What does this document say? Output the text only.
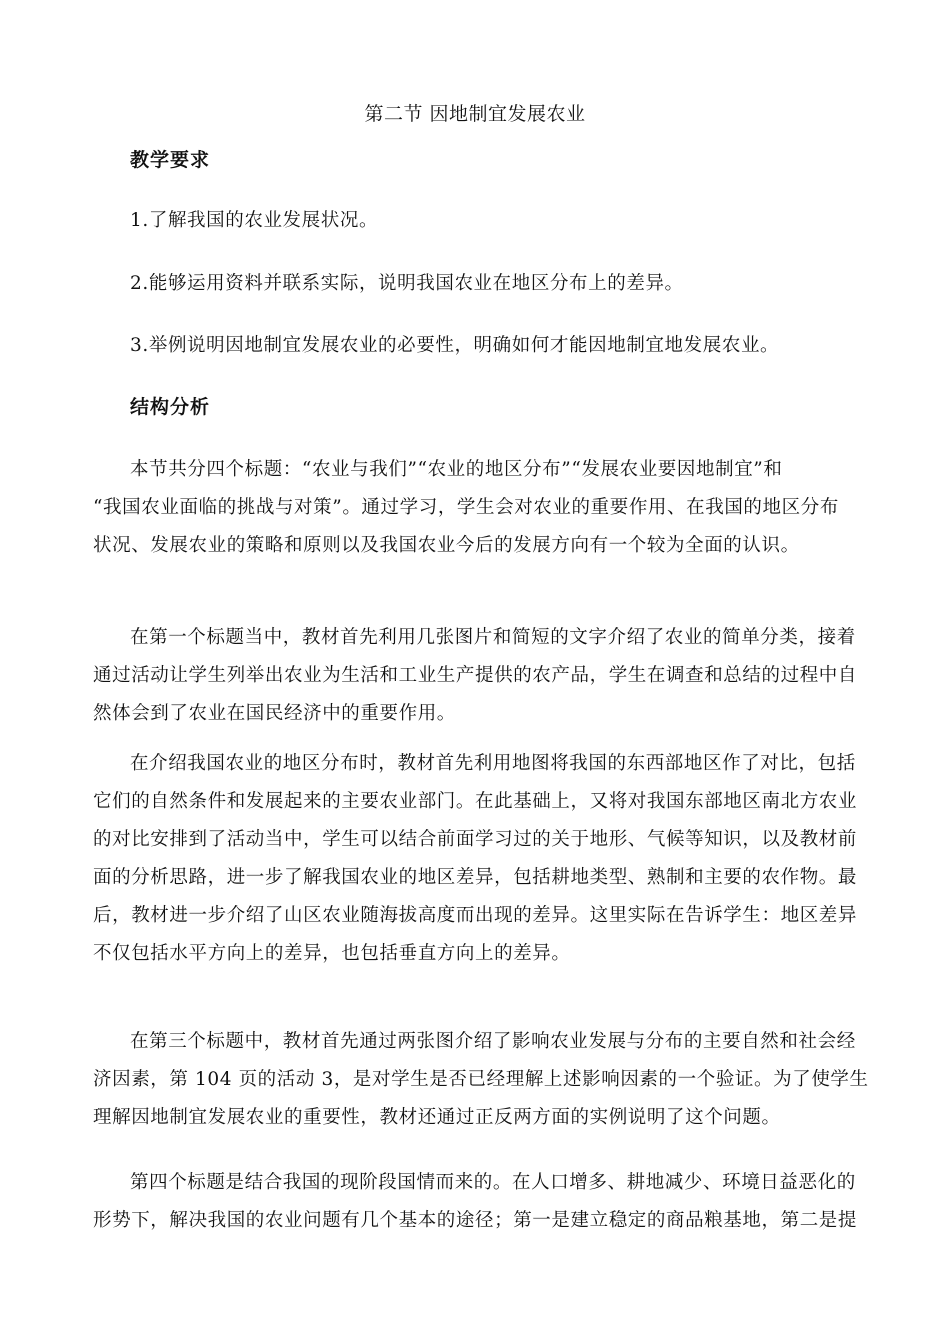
第二节 因地制宜发展农业
教学要求
1.了解我国的农业发展状况。
2.能够运用资料并联系实际，说明我国农业在地区分布上的差异。
3.举例说明因地制宜发展农业的必要性，明确如何才能因地制宜地发展农业。
结构分析
本节共分四个标题：“农业与我们”“农业的地区分布”“发展农业要因地制宜”和
“我国农业面临的挑战与对策”。通过学习，学生会对农业的重要作用、在我国的地区分布
状况、发展农业的策略和原则以及我国农业今后的发展方向有一个较为全面的认识。
在第一个标题当中，教材首先利用几张图片和简短的文字介绍了农业的简单分类，接着
通过活动让学生列举出农业为生活和工业生产提供的农产品，学生在调查和总结的过程中自
然体会到了农业在国民经济中的重要作用。
在介绍我国农业的地区分布时，教材首先利用地图将我国的东西部地区作了对比，包括
它们的自然条件和发展起来的主要农业部门。在此基础上，又将对我国东部地区南北方农业
的对比安排到了活动当中，学生可以结合前面学习过的关于地形、气候等知识，以及教材前
面的分析思路，进一步了解我国农业的地区差异，包括耕地类型、熟制和主要的农作物。最
后，教材进一步介绍了山区农业随海拔高度而出现的差异。这里实际在告诉学生：地区差异
不仅包括水平方向上的差异，也包括垂直方向上的差异。
在第三个标题中，教材首先通过两张图介绍了影响农业发展与分布的主要自然和社会经
济因素，第 104 页的活动 3，是对学生是否已经理解上述影响因素的一个验证。为了使学生
理解因地制宜发展农业的重要性，教材还通过正反两方面的实例说明了这个问题。
第四个标题是结合我国的现阶段国情而来的。在人口增多、耕地减少、环境日益恶化的
形势下，解决我国的农业问题有几个基本的途径；第一是建立稳定的商品粮基地，第二是提
